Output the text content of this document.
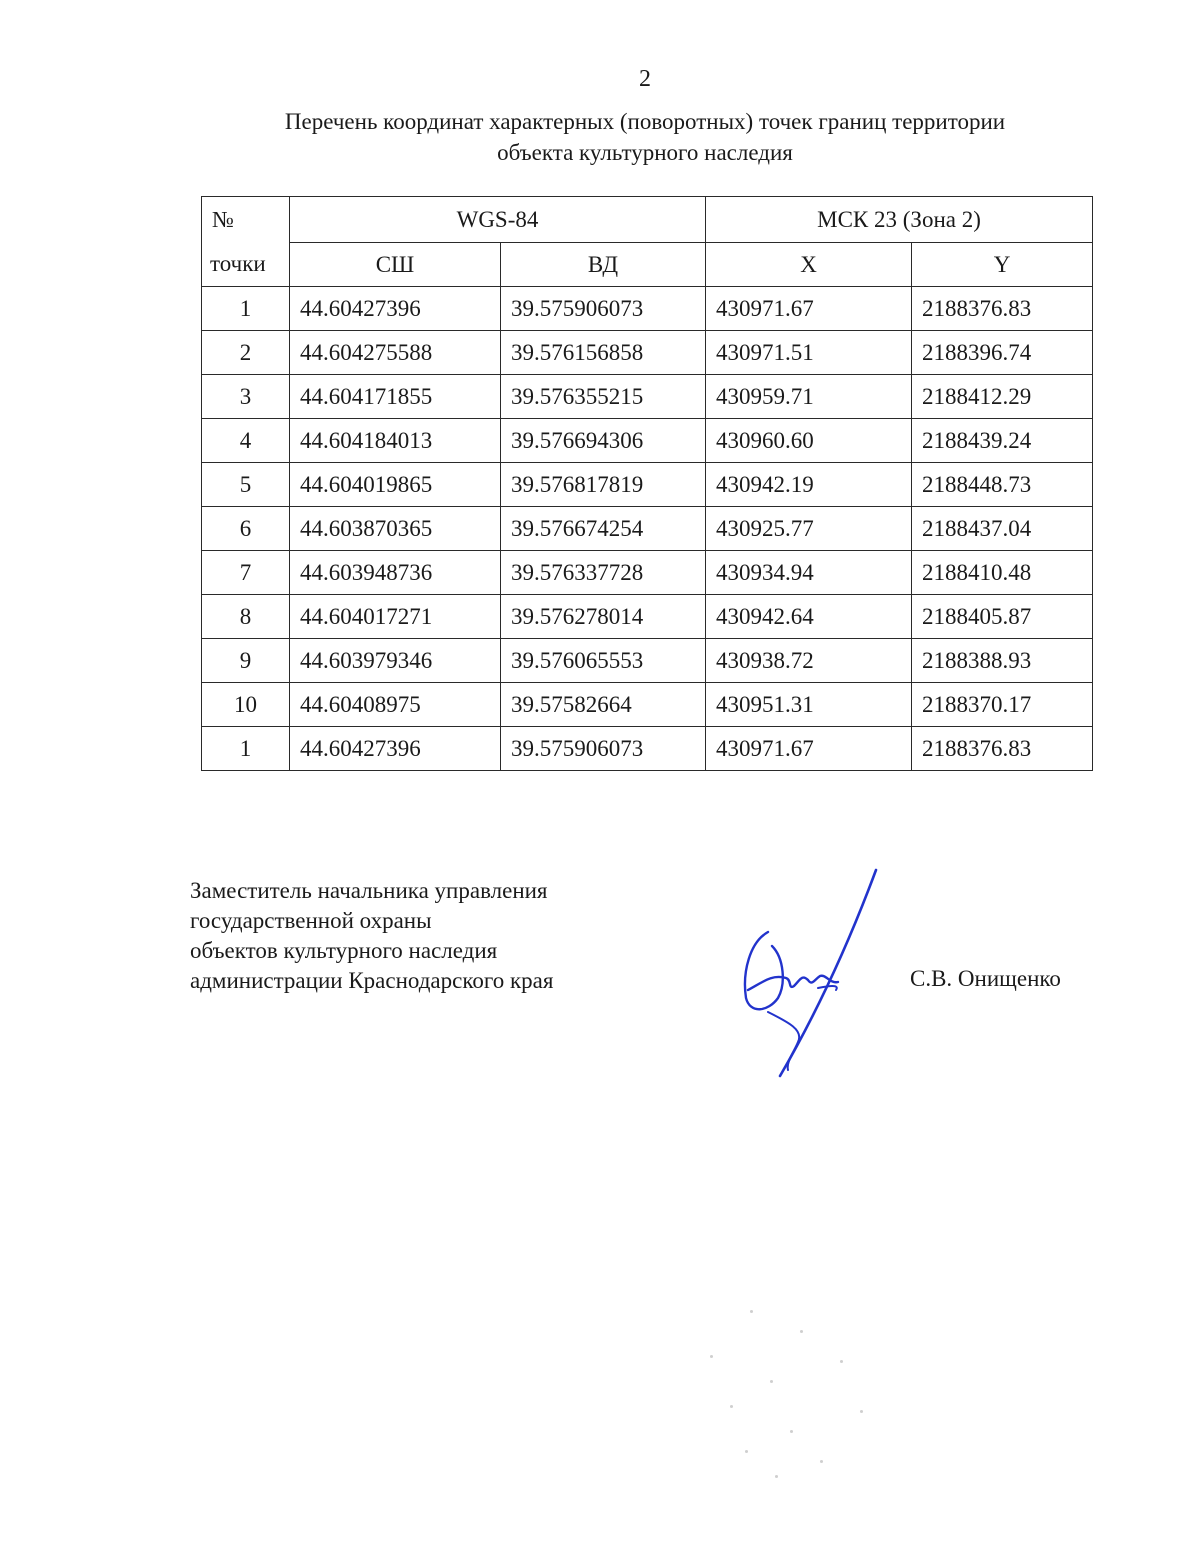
2
Перечень координат характерных (поворотных) точек границ территории
объекта культурного наследия
№	WGS-84		МСК 23 (Зона 2)	
точки	СШ	ВД	X	Y
1	44.60427396	39.575906073	430971.67	2188376.83
2	44.604275588	39.576156858	430971.51	2188396.74
3	44.604171855	39.576355215	430959.71	2188412.29
4	44.604184013	39.576694306	430960.60	2188439.24
5	44.604019865	39.576817819	430942.19	2188448.73
6	44.603870365	39.576674254	430925.77	2188437.04
7	44.603948736	39.576337728	430934.94	2188410.48
8	44.604017271	39.576278014	430942.64	2188405.87
9	44.603979346	39.576065553	430938.72	2188388.93
10	44.60408975	39.57582664	430951.31	2188370.17
1	44.60427396	39.575906073	430971.67	2188376.83
Заместитель начальника управления
государственной охраны
объектов культурного наследия
администрации Краснодарского края	С.В. Онищенко
